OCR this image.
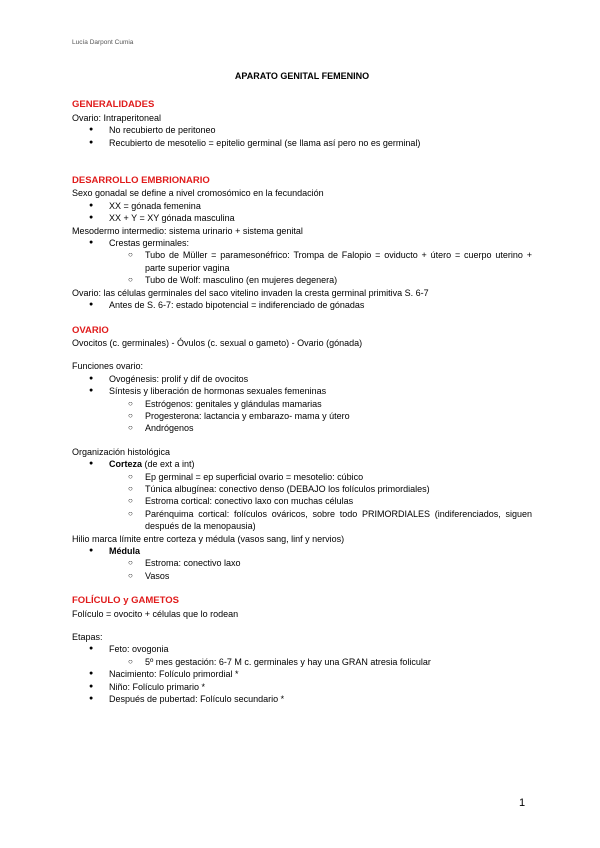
Lucía Darpont Cumia

APARATO GENITAL FEMENINO

GENERALIDADES

Ovario: Intraperitoneal

● No recubierto de peritoneo
● Recubierto de mesotelio = epitelio germinal (se llama así pero no es germinal)

DESARROLLO EMBRIONARIO

Sexo gonadal se define a nivel cromosómico en la fecundación

● XX = gónada femenina
● XX + Y = XY gónada masculina

Mesodermo intermedio: sistema urinario + sistema genital

● Crestas germinales:
○ Tubo de Müller = paramesonéfrico: Trompa de Falopio = oviducto + útero = cuerpo uterino + parte superior vagina
○ Tubo de Wolf: masculino (en mujeres degenera)

Ovario: las células germinales del saco vitelino invaden la cresta germinal primitiva S. 6-7

● Antes de S. 6-7: estado bipotencial = indiferenciado de gónadas

OVARIO

Ovocitos (c. germinales) - Óvulos (c. sexual o gameto) - Ovario (gónada)

Funciones ovario:

● Ovogénesis: prolif y dif de ovocitos
● Síntesis y liberación de hormonas sexuales femeninas
○ Estrógenos: genitales y glándulas mamarias
○ Progesterona: lactancia y embarazo- mama y útero
○ Andrógenos

Organización histológica

● Corteza (de ext a int)
○ Ep germinal = ep superficial ovario = mesotelio: cúbico
○ Túnica albugínea: conectivo denso (DEBAJO los folículos primordiales)
○ Estroma cortical: conectivo laxo con muchas células
○ Parénquima cortical: folículos ováricos, sobre todo PRIMORDIALES (indiferenciados, siguen después de la menopausia)

Hilio marca límite entre corteza y médula (vasos sang, linf y nervios)

● Médula
○ Estroma: conectivo laxo
○ Vasos

FOLÍCULO y GAMETOS

Folículo = ovocito + células que lo rodean

Etapas:

● Feto: ovogonia
○ 5º mes gestación: 6-7 M c. germinales y hay una GRAN atresia folicular
● Nacimiento: Folículo primordial *
● Niño: Folículo primario *
● Después de pubertad: Folículo secundario *
1
